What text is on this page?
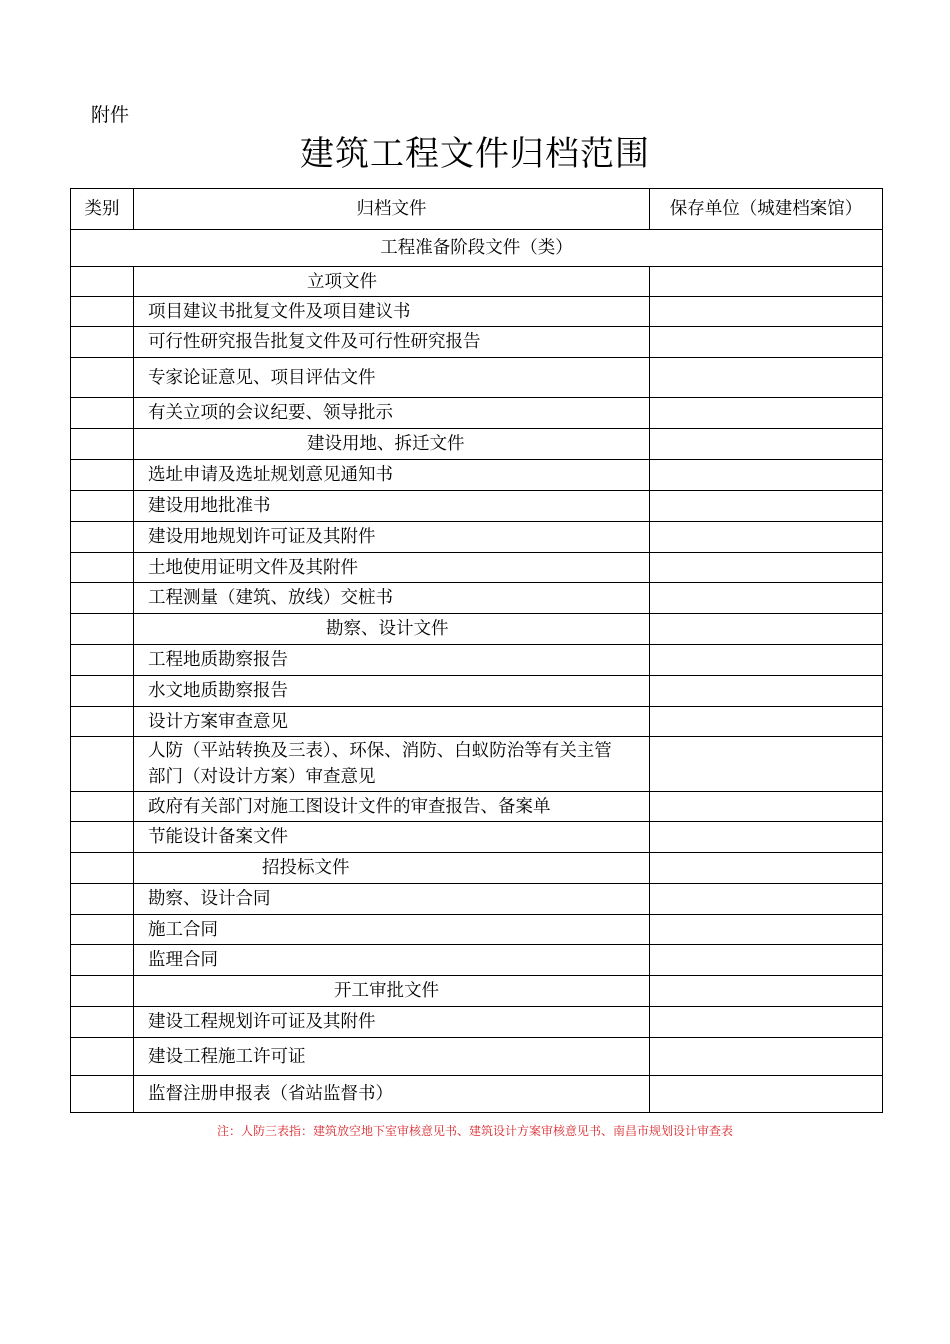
附件
建筑工程文件归档范围
类别	归档文件	保存单位（城建档案馆）
工程准备阶段文件（类）		
	立项文件	
	项目建议书批复文件及项目建议书	
	可行性研究报告批复文件及可行性研究报告	
	专家论证意见、项目评估文件	
	有关立项的会议纪要、领导批示	
	建设用地、拆迁文件	
	选址申请及选址规划意见通知书	
	建设用地批准书	
	建设用地规划许可证及其附件	
	土地使用证明文件及其附件	
	工程测量（建筑、放线）交桩书	
	勘察、设计文件	
	工程地质勘察报告	
	水文地质勘察报告	
	设计方案审查意见	
	人防（平站转换及三表）、环保、消防、白蚁防治等有关主管部门（对设计方案）审查意见	
	政府有关部门对施工图设计文件的审查报告、备案单	
	节能设计备案文件	
	招投标文件	
	勘察、设计合同	
	施工合同	
	监理合同	
	开工审批文件	
	建设工程规划许可证及其附件	
	建设工程施工许可证	
	监督注册申报表（省站监督书）	
注：人防三表指：建筑放空地下室审核意见书、建筑设计方案审核意见书、南昌市规划设计审查表
